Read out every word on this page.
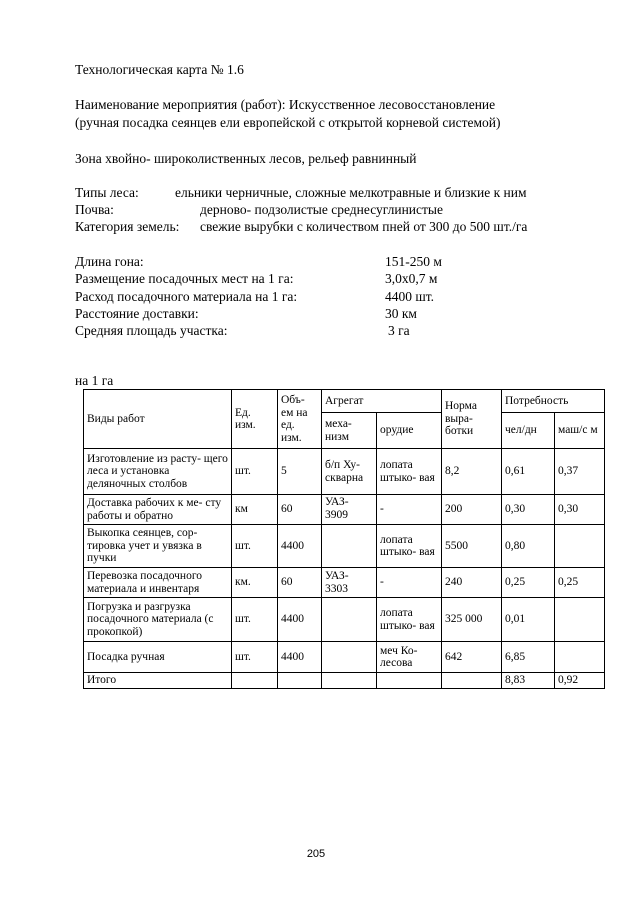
Технологическая карта № 1.6
Наименование мероприятия (работ): Искусственное лесовосстановление
(ручная посадка сеянцев ели европейской с открытой корневой системой)
Зона хвойно- широколиственных лесов, рельеф равнинный
Типы леса:	ельники черничные, сложные мелкотравные и близкие к ним
Почва:	дерново- подзолистые среднесуглинистые
Категория земель: свежие вырубки с количеством пней от 300 до 500 шт./га
Длина гона:	151-250 м
Размещение посадочных мест на 1 га:	3,0х0,7 м
Расход посадочного материала на 1 га:	4400 шт.
Расстояние доставки:	30 км
Средняя площадь участка:	3 га
на 1 га
Виды работ	Ед. изм.	Объ- ем на ед. изм.	Агрегат		Норма выра- ботки	Потребность	
			меха- низм	орудие		чел/дн	маш/с м
Изготовление из расту- щего леса и установка деляночных столбов	шт.	5	б/п Ху- скварна	лопата штыко- вая	8,2	0,61	0,37
Доставка рабочих к ме- сту работы и обратно	км	60	УАЗ- 3909	-	200	0,30	0,30
Выкопка сеянцев, сор- тировка учет и увязка в пучки	шт.	4400		лопата штыко- вая	5500	0,80	
Перевозка посадочного материала и инвентаря	км.	60	УАЗ- 3303	-	240	0,25	0,25
Погрузка и разгрузка посадочного материала (с прокопкой)	шт.	4400		лопата штыко- вая	325 000	0,01	
Посадка ручная	шт.	4400		меч Ко- лесова	642	6,85	
Итого						8,83	0,92
205
